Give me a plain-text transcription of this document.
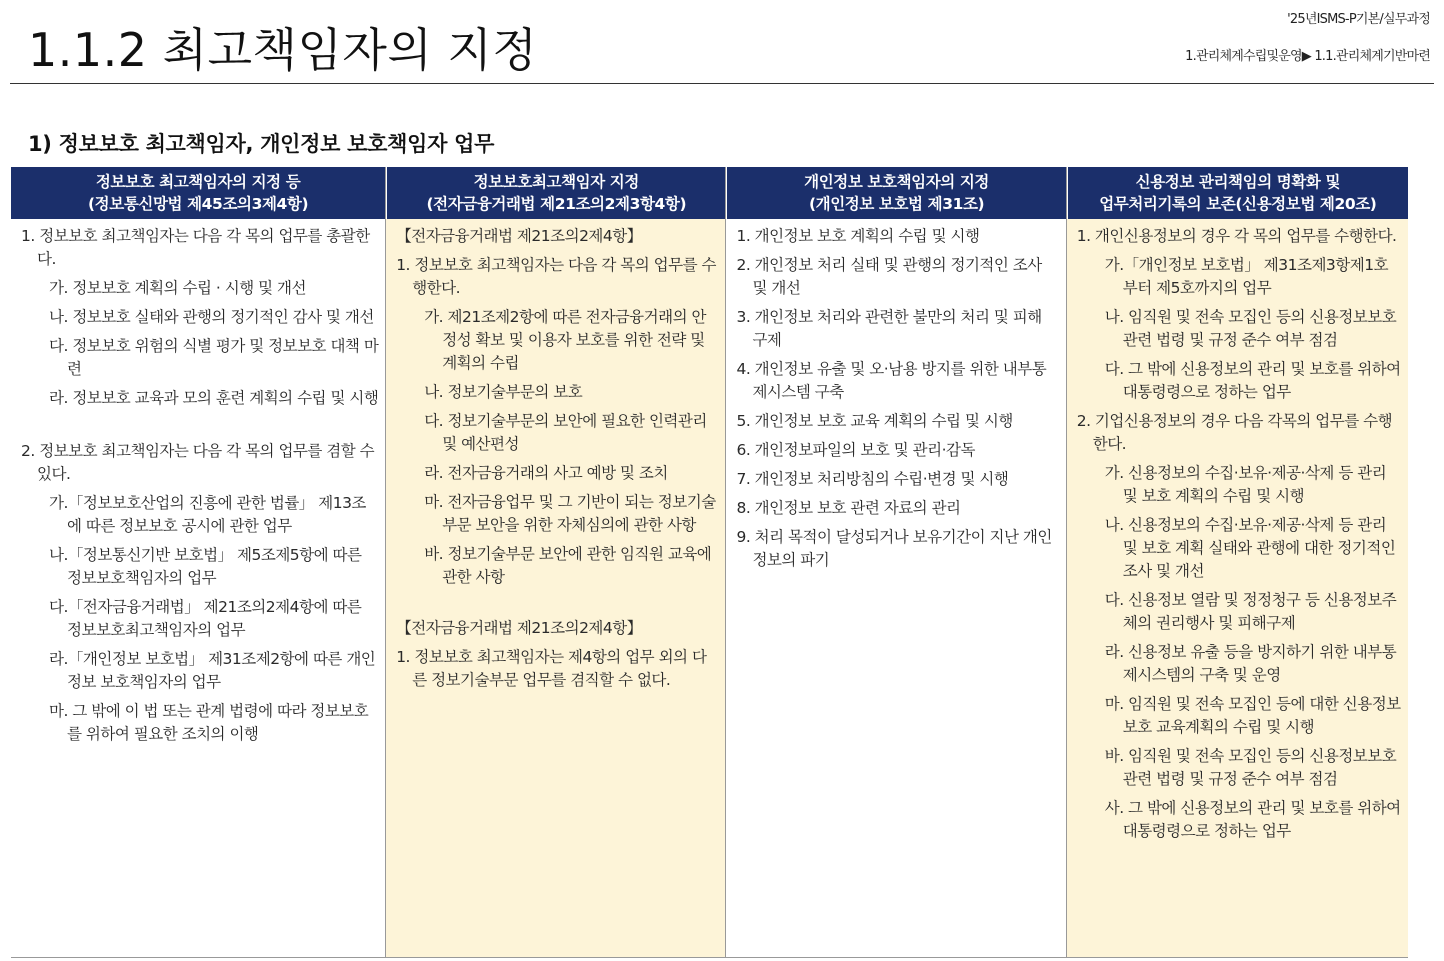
1.1.2 최고책임자의 지정
'25년ISMS-P기본/실무과정
1.관리체계수립및운영▶ 1.1.관리체계기반마련
1) 정보보호 최고책임자, 개인정보 보호책임자 업무
정보보호 최고책임자의 지정 등
(정보통신망법 제45조의3제4항)
1. 정보보호 최고책임자는 다음 각 목의 업무를 총괄한다.
가. 정보보호 계획의 수립 · 시행 및 개선
나. 정보보호 실태와 관행의 정기적인 감사 및 개선
다. 정보보호 위험의 식별 평가 및 정보보호 대책 마련
라. 정보보호 교육과 모의 훈련 계획의 수립 및 시행
2. 정보보호 최고책임자는 다음 각 목의 업무를 겸할 수 있다.
가.「정보보호산업의 진흥에 관한 법률」 제13조에 따른 정보보호 공시에 관한 업무
나.「정보통신기반 보호법」 제5조제5항에 따른 정보보호책임자의 업무
다.「전자금융거래법」 제21조의2제4항에 따른 정보보호최고책임자의 업무
라.「개인정보 보호법」 제31조제2항에 따른 개인정보 보호책임자의 업무
마. 그 밖에 이 법 또는 관계 법령에 따라 정보보호를 위하여 필요한 조치의 이행
정보보호최고책임자 지정
(전자금융거래법 제21조의2제3항4항)
【전자금융거래법 제21조의2제4항】
1. 정보보호 최고책임자는 다음 각 목의 업무를 수행한다.
가. 제21조제2항에 따른 전자금융거래의 안정성 확보 및 이용자 보호를 위한 전략 및 계획의 수립
나. 정보기술부문의 보호
다. 정보기술부문의 보안에 필요한 인력관리 및 예산편성
라. 전자금융거래의 사고 예방 및 조치
마. 전자금융업무 및 그 기반이 되는 정보기술부문 보안을 위한 자체심의에 관한 사항
바. 정보기술부문 보안에 관한 임직원 교육에 관한 사항
【전자금융거래법 제21조의2제4항】
1. 정보보호 최고책임자는 제4항의 업무 외의 다른 정보기술부문 업무를 겸직할 수 없다.
개인정보 보호책임자의 지정
(개인정보 보호법 제31조)
1. 개인정보 보호 계획의 수립 및 시행
2. 개인정보 처리 실태 및 관행의 정기적인 조사 및 개선
3. 개인정보 처리와 관련한 불만의 처리 및 피해 구제
4. 개인정보 유출 및 오·남용 방지를 위한 내부통제시스템 구축
5. 개인정보 보호 교육 계획의 수립 및 시행
6. 개인정보파일의 보호 및 관리·감독
7. 개인정보 처리방침의 수립·변경 및 시행
8. 개인정보 보호 관련 자료의 관리
9. 처리 목적이 달성되거나 보유기간이 지난 개인정보의 파기
신용정보 관리책임의 명확화 및
업무처리기록의 보존(신용정보법 제20조)
1. 개인신용정보의 경우 각 목의 업무를 수행한다.
가.「개인정보 보호법」 제31조제3항제1호부터 제5호까지의 업무
나. 임직원 및 전속 모집인 등의 신용정보보호 관련 법령 및 규정 준수 여부 점검
다. 그 밖에 신용정보의 관리 및 보호를 위하여 대통령령으로 정하는 업무
2. 기업신용정보의 경우 다음 각목의 업무를 수행한다.
가. 신용정보의 수집·보유·제공·삭제 등 관리 및 보호 계획의 수립 및 시행
나. 신용정보의 수집·보유·제공·삭제 등 관리 및 보호 계획 실태와 관행에 대한 정기적인 조사 및 개선
다. 신용정보 열람 및 정정청구 등 신용정보주체의 권리행사 및 피해구제
라. 신용정보 유출 등을 방지하기 위한 내부통제시스템의 구축 및 운영
마. 임직원 및 전속 모집인 등에 대한 신용정보보호 교육계획의 수립 및 시행
바. 임직원 및 전속 모집인 등의 신용정보보호 관련 법령 및 규정 준수 여부 점검
사. 그 밖에 신용정보의 관리 및 보호를 위하여 대통령령으로 정하는 업무
